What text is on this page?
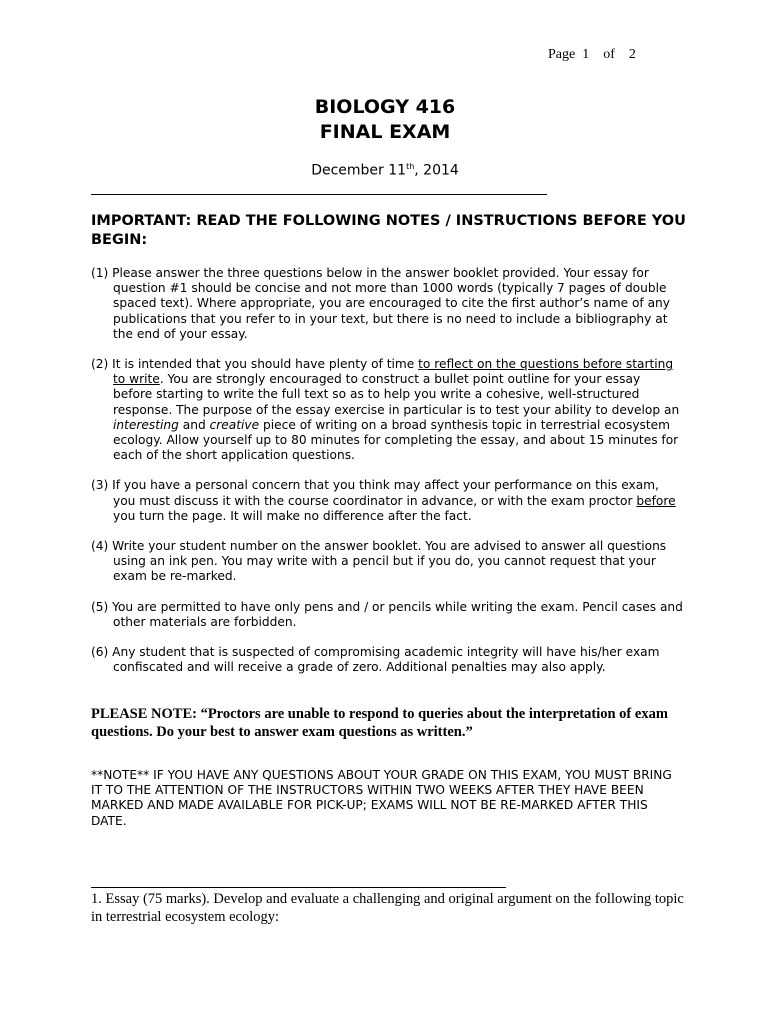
Page 1 of 2
BIOLOGY 416
FINAL EXAM
December 11th, 2014
IMPORTANT: READ THE FOLLOWING NOTES / INSTRUCTIONS BEFORE YOU BEGIN:

(1) Please answer the three questions below in the answer booklet provided. Your essay for question #1 should be concise and not more than 1000 words (typically 7 pages of double spaced text). Where appropriate, you are encouraged to cite the first author’s name of any publications that you refer to in your text, but there is no need to include a bibliography at the end of your essay.

(2) It is intended that you should have plenty of time to reflect on the questions before starting to write. You are strongly encouraged to construct a bullet point outline for your essay before starting to write the full text so as to help you write a cohesive, well-structured response. The purpose of the essay exercise in particular is to test your ability to develop an interesting and creative piece of writing on a broad synthesis topic in terrestrial ecosystem ecology. Allow yourself up to 80 minutes for completing the essay, and about 15 minutes for each of the short application questions.

(3) If you have a personal concern that you think may affect your performance on this exam, you must discuss it with the course coordinator in advance, or with the exam proctor before you turn the page. It will make no difference after the fact.

(4) Write your student number on the answer booklet. You are advised to answer all questions using an ink pen. You may write with a pencil but if you do, you cannot request that your exam be re-marked.

(5) You are permitted to have only pens and / or pencils while writing the exam. Pencil cases and other materials are forbidden.

(6) Any student that is suspected of compromising academic integrity will have his/her exam confiscated and will receive a grade of zero. Additional penalties may also apply.

PLEASE NOTE: “Proctors are unable to respond to queries about the interpretation of exam questions. Do your best to answer exam questions as written.”
**NOTE** IF YOU HAVE ANY QUESTIONS ABOUT YOUR GRADE ON THIS EXAM, YOU MUST BRING IT TO THE ATTENTION OF THE INSTRUCTORS WITHIN TWO WEEKS AFTER THEY HAVE BEEN MARKED AND MADE AVAILABLE FOR PICK-UP; EXAMS WILL NOT BE RE-MARKED AFTER THIS DATE.
1. Essay (75 marks). Develop and evaluate a challenging and original argument on the following topic in terrestrial ecosystem ecology:
